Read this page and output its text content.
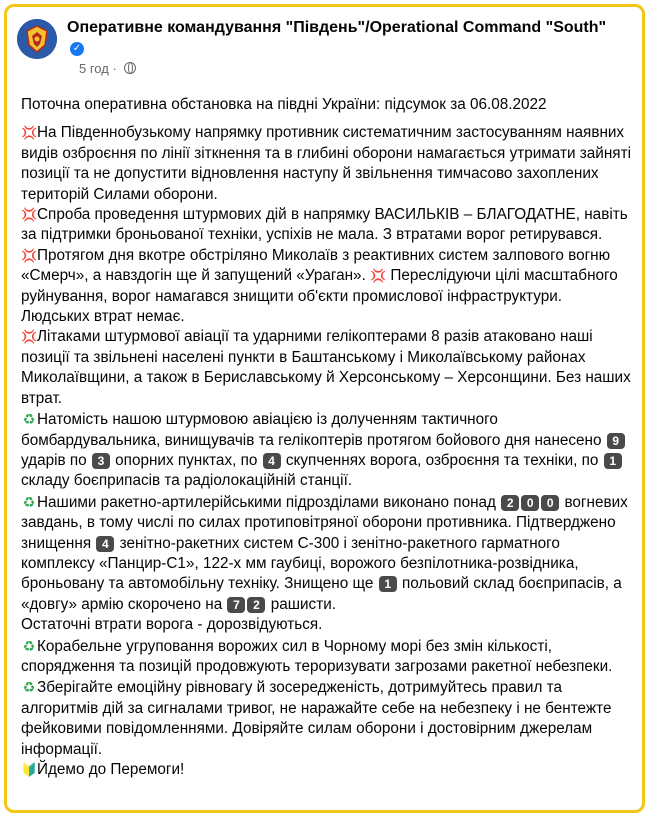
Оперативне командування "Південь"/Operational Command "South"✓
5 год ·

Поточна оперативна обстановка на півдні України: підсумок за 06.08.2022

💢На Південнобузькому напрямку противник систематичним застосуванням наявних видів озброєння по лінії зіткнення та в глибині оборони намагається утримати зайняті позиції та не допустити відновлення наступу й звільнення тимчасово захоплених територій Силами оборони.

💢Спроба проведення штурмових дій в напрямку ВАСИЛЬКІВ – БЛАГОДАТНЕ, навіть за підтримки броньованої техніки, успіхів не мала. З втратами ворог ретирувався.

💢Протягом дня вкотре обстріляно Миколаїв з реактивних систем залпового вогню «Смерч», а навздогін ще й запущений «Ураган». 💢 Переслідуючи цілі масштабного руйнування, ворог намагався знищити об'єкти промислової інфраструктури. Людських втрат немає.

💢Літаками штурмової авіації та ударними гелікоптерами 8 разів атаковано наші позиції та звільнені населені пункти в Баштанському і Миколаївському районах Миколаївщини, а також в Бериславському й Херсонському – Херсонщини. Без наших втрат.

♻ Натомість нашою штурмовою авіацією із долученням тактичного бомбардувальника, винищувачів та гелікоптерів протягом бойового дня нанесено 9 ударів по 3 опорних пунктах, по 4 скупченнях ворога, озброєння та техніки, по 1 складу боєприпасів та радіолокаційній станції.

♻ Нашими ракетно-артилерійськими підрозділами виконано понад 2 0 0 вогневих завдань, в тому числі по силах протиповітряної оборони противника. Підтверджено знищення 4 зенітно-ракетних систем С-300 і зенітно-ракетного гарматного комплексу «Панцир-С1», 122-х мм гаубиці, ворожого безпілотника-розвідника, броньовану та автомобільну техніку. Знищено ще 1 польовий склад боєприпасів, а «довгу» армію скорочено на 7 2 рашисти.

Остаточні втрати ворога - дорозвідуються.

♻ Корабельне угруповання ворожих сил в Чорному морі без змін кількості, спорядження та позицій продовжують тероризувати загрозами ракетної небезпеки.

♻ Зберігайте емоційну рівновагу й зосередженість, дотримуйтесь правил та алгоритмів дій за сигналами тривог, не наражайте себе на небезпеку і не бентежте фейковими повідомленнями. Довіряйте силам оборони і достовірним джерелам інформації.

🔰Йдемо до Перемоги!
